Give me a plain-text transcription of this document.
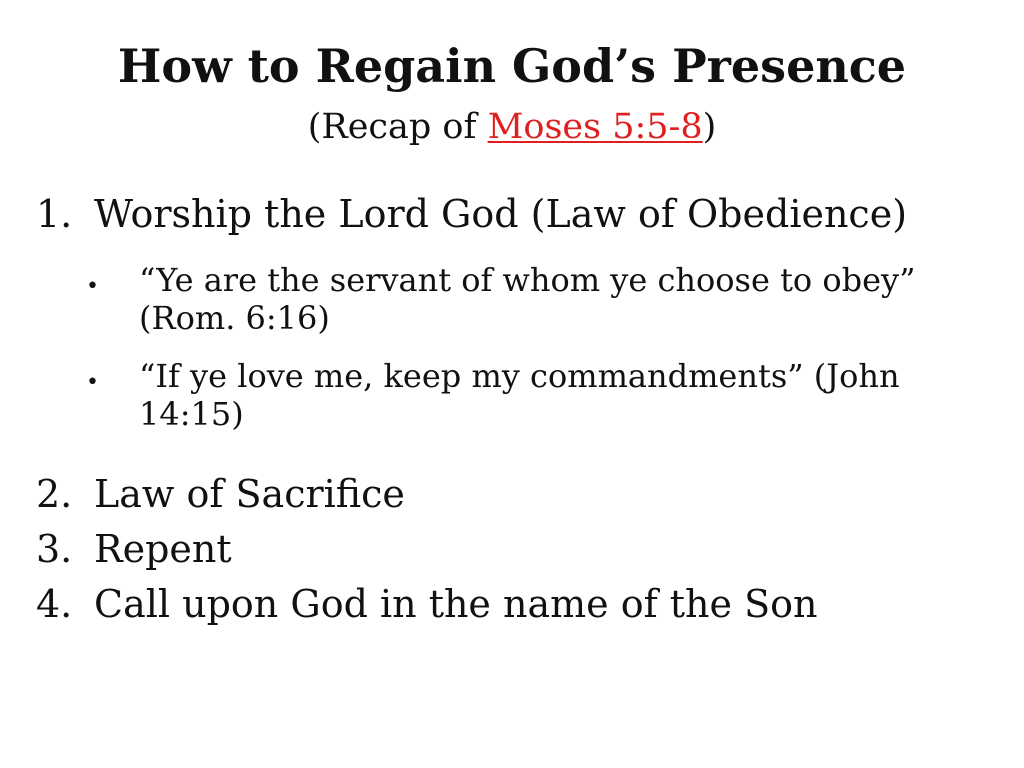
How to Regain God’s Presence
(Recap of Moses 5:5-8)
1. Worship the Lord God (Law of Obedience)
• “Ye are the servant of whom ye choose to obey” (Rom. 6:16)
• “If ye love me, keep my commandments” (John 14:15)
2. Law of Sacrifice
3. Repent
4. Call upon God in the name of the Son
